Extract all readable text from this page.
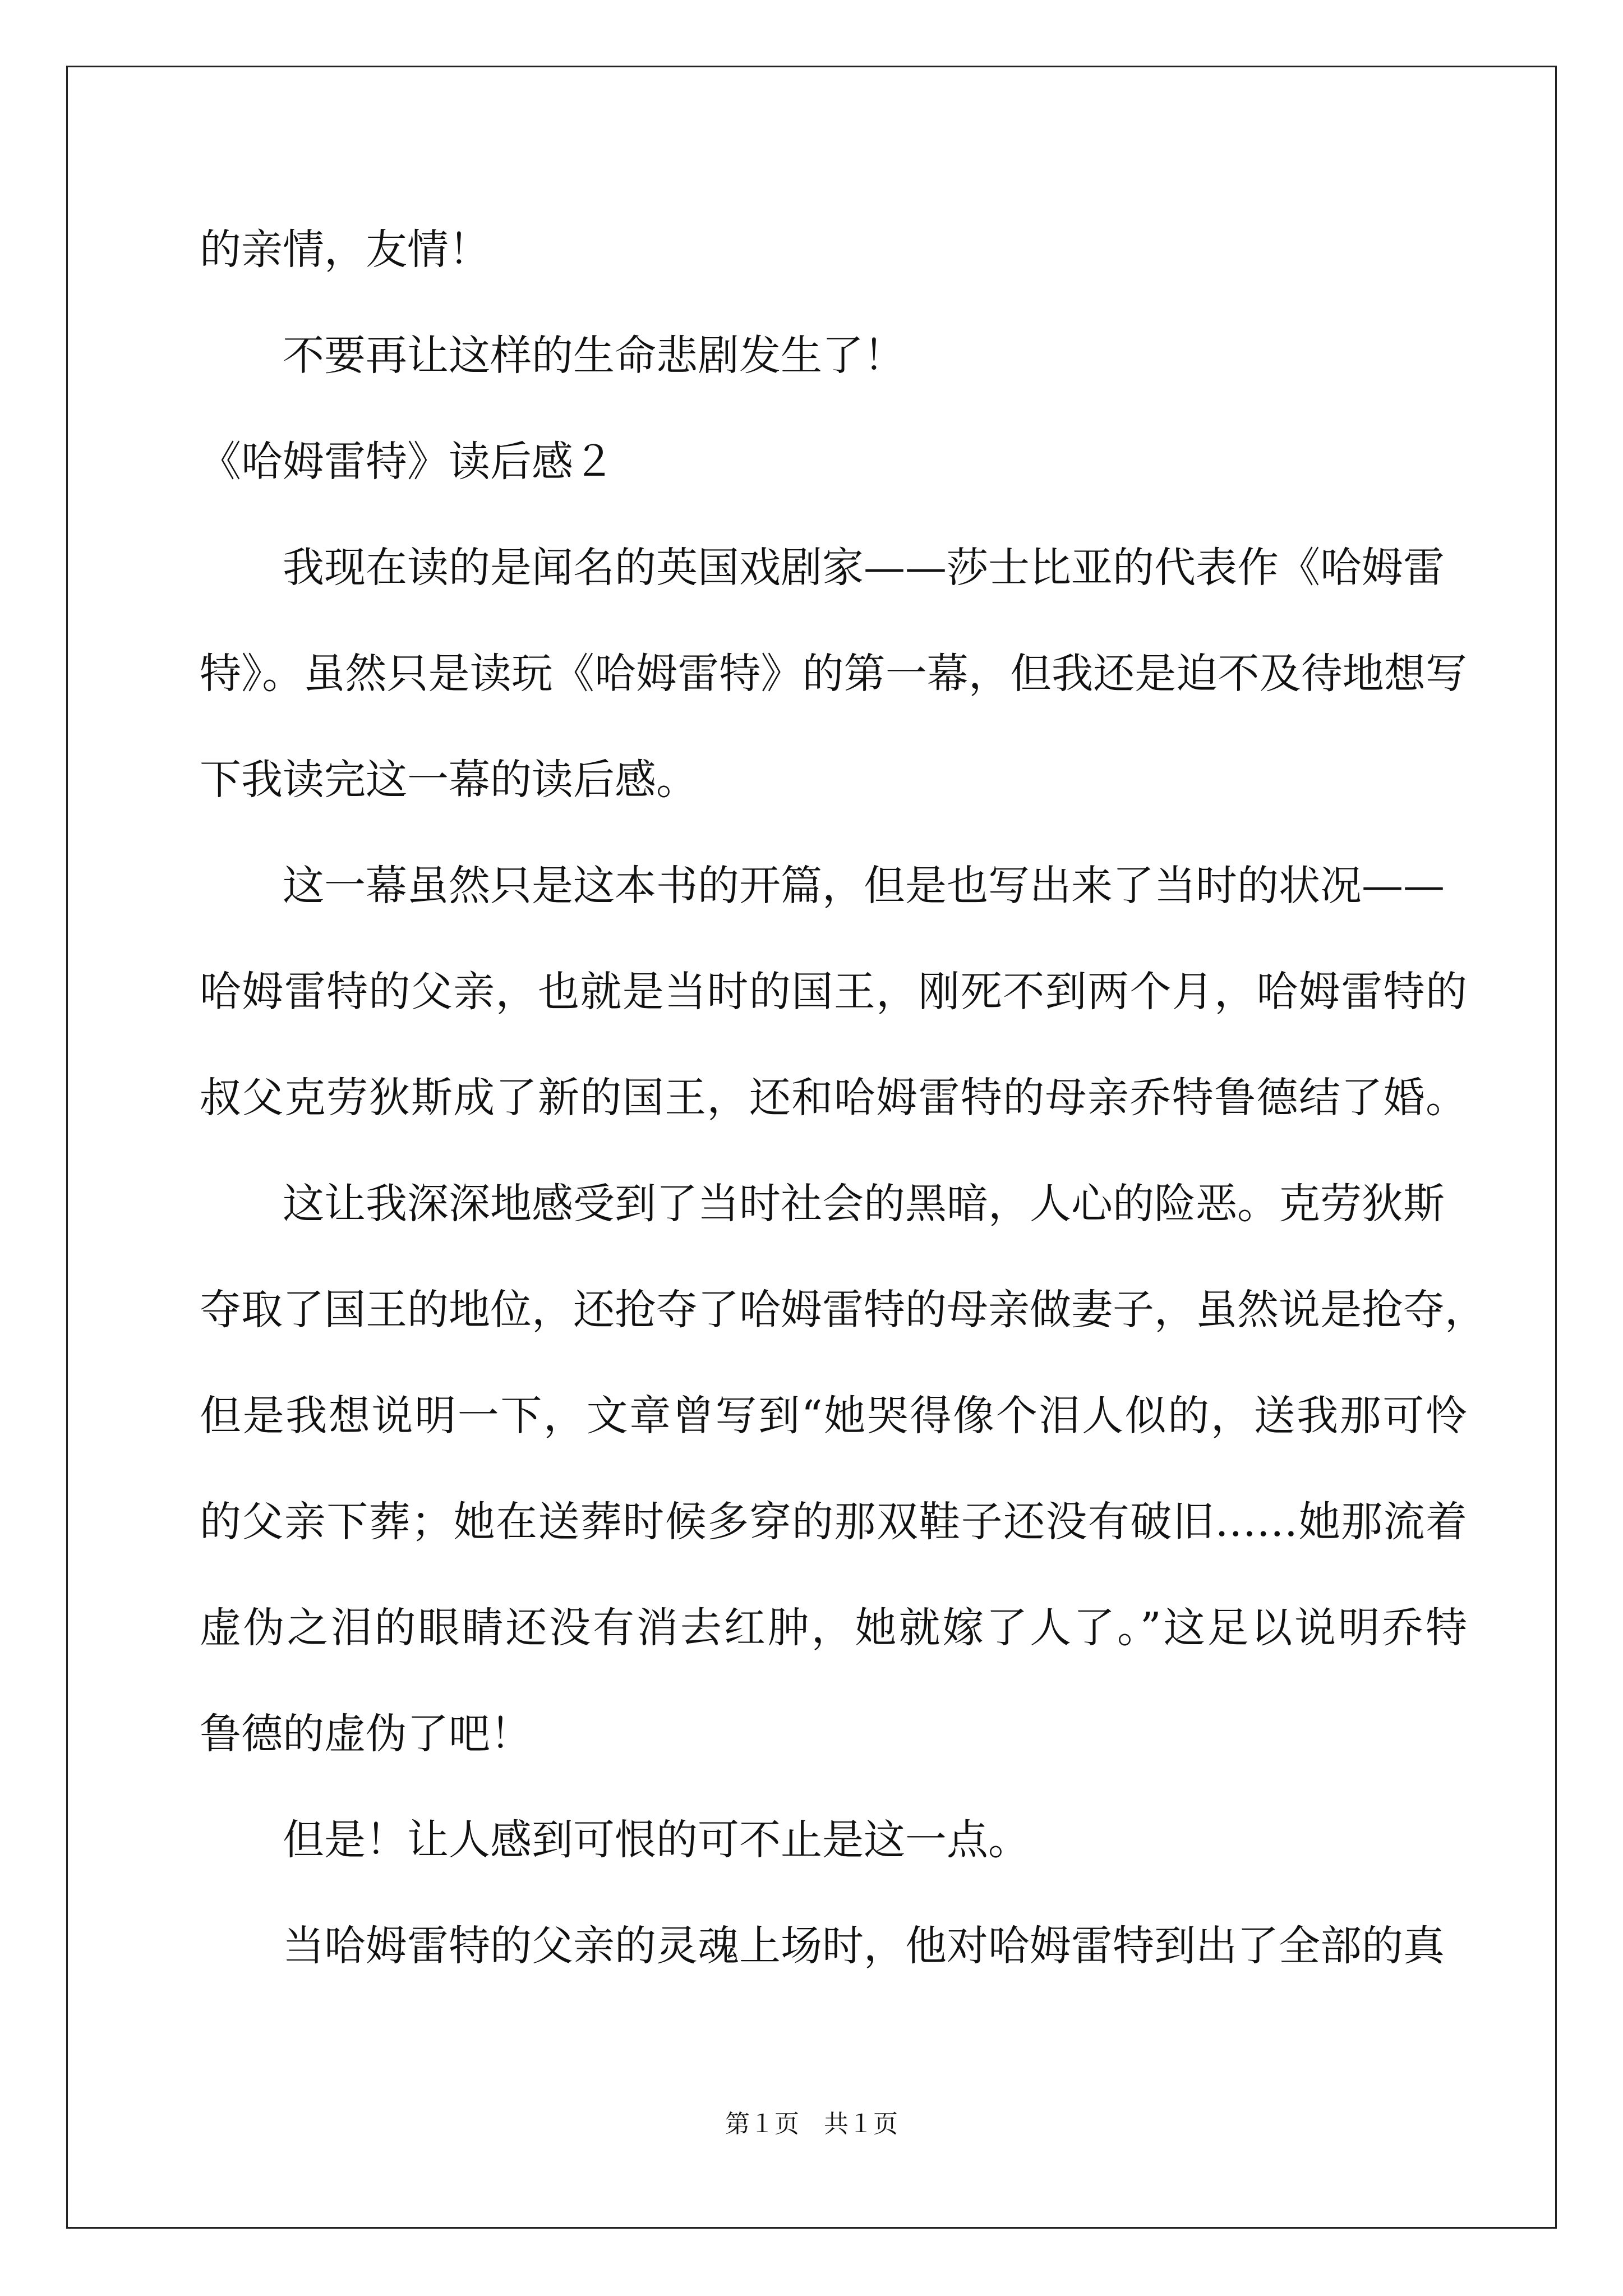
的亲情，友情！
不要再让这样的生命悲剧发生了！
《哈姆雷特》读后感２
我现在读的是闻名的英国戏剧家——莎士比亚的代表作《哈姆雷
特》。虽然只是读玩《哈姆雷特》的第一幕，但我还是迫不及待地想写
下我读完这一幕的读后感。
这一幕虽然只是这本书的开篇，但是也写出来了当时的状况——
哈姆雷特的父亲，也就是当时的国王，刚死不到两个月，哈姆雷特的
叔父克劳狄斯成了新的国王，还和哈姆雷特的母亲乔特鲁德结了婚。
这让我深深地感受到了当时社会的黑暗，人心的险恶。克劳狄斯
夺取了国王的地位，还抢夺了哈姆雷特的母亲做妻子，虽然说是抢夺，
但是我想说明一下，文章曾写到“她哭得像个泪人似的，送我那可怜
的父亲下葬；她在送葬时候多穿的那双鞋子还没有破旧……她那流着
虚伪之泪的眼睛还没有消去红肿，她就嫁了人了。”这足以说明乔特
鲁德的虚伪了吧！
但是！让人感到可恨的可不止是这一点。
当哈姆雷特的父亲的灵魂上场时，他对哈姆雷特到出了全部的真
第１页　共１页
